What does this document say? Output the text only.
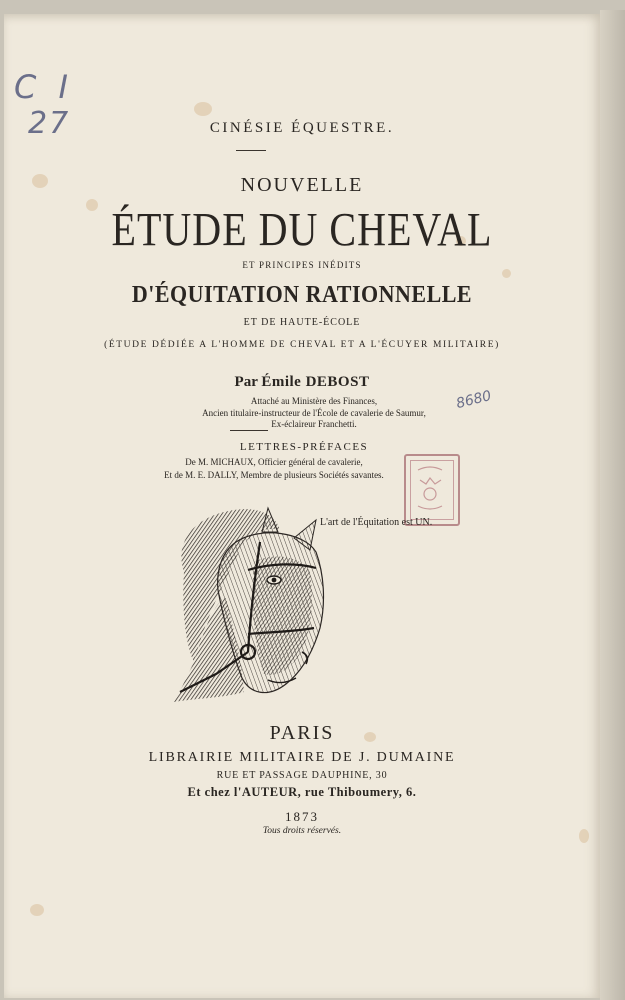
C I
27
8680
CINÉSIE ÉQUESTRE.
NOUVELLE
ÉTUDE DU CHEVAL
ET PRINCIPES INÉDITS
D'ÉQUITATION RATIONNELLE
ET DE HAUTE-ÉCOLE
(ÉTUDE DÉDIÉE A L'HOMME DE CHEVAL ET A L'ÉCUYER MILITAIRE)
Par Émile DEBOST
Attaché au Ministère des Finances,
Ancien titulaire-instructeur de l'École de cavalerie de Saumur,
Ex-éclaireur Franchetti.
LETTRES-PRÉFACES
De M. MICHAUX, Officier général de cavalerie,
Et de M. E. DALLY, Membre de plusieurs Sociétés savantes.
L'art de l'Équitation est UN.
PARIS
LIBRAIRIE MILITAIRE DE J. DUMAINE
RUE ET PASSAGE DAUPHINE, 30
Et chez l'AUTEUR, rue Thiboumery, 6.
1873
Tous droits réservés.
